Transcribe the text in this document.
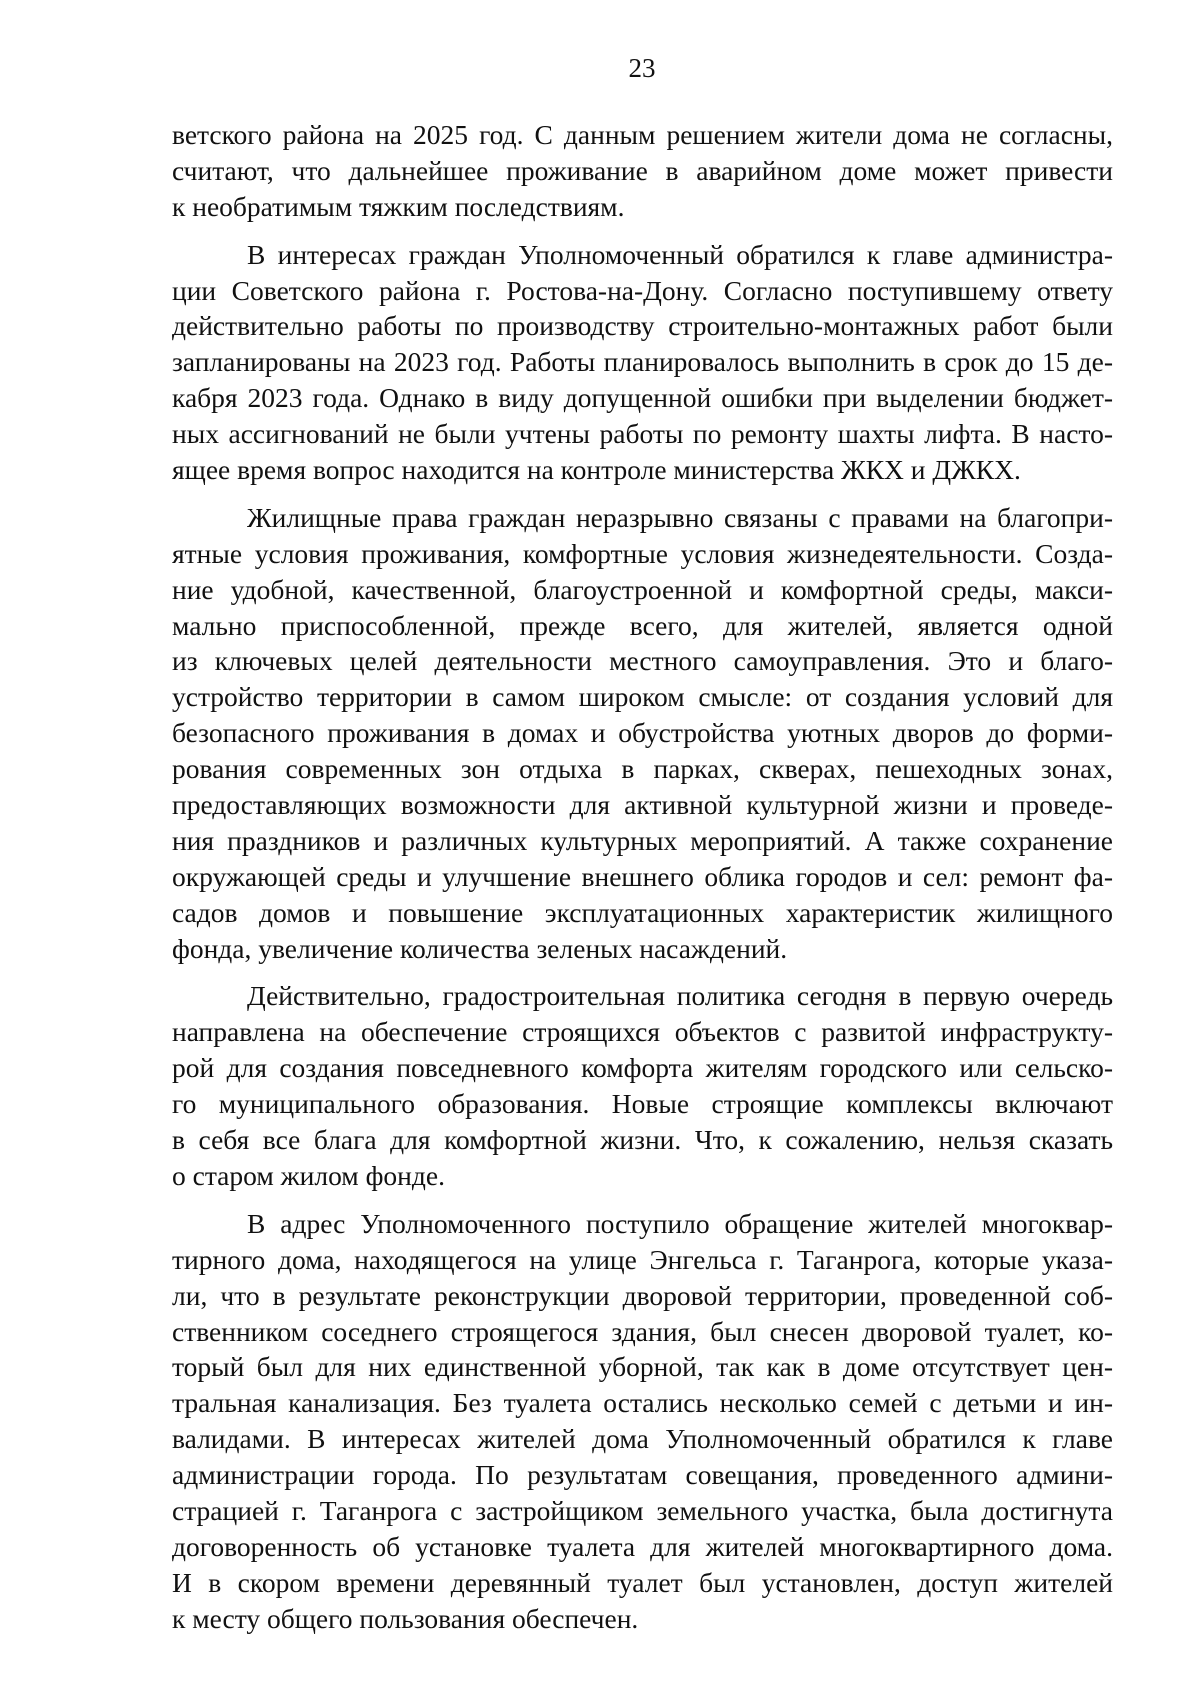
23
ветского района на 2025 год. С данным решением жители дома не согласны,
считают, что дальнейшее проживание в аварийном доме может привести
к необратимым тяжким последствиям.
В интересах граждан Уполномоченный обратился к главе администра-
ции Советского района г. Ростова-на-Дону. Согласно поступившему ответу
действительно работы по производству строительно-монтажных работ были
запланированы на 2023 год. Работы планировалось выполнить в срок до 15 де-
кабря 2023 года. Однако в виду допущенной ошибки при выделении бюджет-
ных ассигнований не были учтены работы по ремонту шахты лифта. В насто-
ящее время вопрос находится на контроле министерства ЖКХ и ДЖКХ.
Жилищные права граждан неразрывно связаны с правами на благопри-
ятные условия проживания, комфортные условия жизнедеятельности. Созда-
ние удобной, качественной, благоустроенной и комфортной среды, макси-
мально приспособленной, прежде всего, для жителей, является одной
из ключевых целей деятельности местного самоуправления. Это и благо-
устройство территории в самом широком смысле: от создания условий для
безопасного проживания в домах и обустройства уютных дворов до форми-
рования современных зон отдыха в парках, скверах, пешеходных зонах,
предоставляющих возможности для активной культурной жизни и проведе-
ния праздников и различных культурных мероприятий. А также сохранение
окружающей среды и улучшение внешнего облика городов и сел: ремонт фа-
садов домов и повышение эксплуатационных характеристик жилищного
фонда, увеличение количества зеленых насаждений.
Действительно, градостроительная политика сегодня в первую очередь
направлена на обеспечение строящихся объектов с развитой инфраструкту-
рой для создания повседневного комфорта жителям городского или сельско-
го муниципального образования. Новые строящие комплексы включают
в себя все блага для комфортной жизни. Что, к сожалению, нельзя сказать
о старом жилом фонде.
В адрес Уполномоченного поступило обращение жителей многоквар-
тирного дома, находящегося на улице Энгельса г. Таганрога, которые указа-
ли, что в результате реконструкции дворовой территории, проведенной соб-
ственником соседнего строящегося здания, был снесен дворовой туалет, ко-
торый был для них единственной уборной, так как в доме отсутствует цен-
тральная канализация. Без туалета остались несколько семей с детьми и ин-
валидами. В интересах жителей дома Уполномоченный обратился к главе
администрации города. По результатам совещания, проведенного админи-
страцией г. Таганрога с застройщиком земельного участка, была достигнута
договоренность об установке туалета для жителей многоквартирного дома.
И в скором времени деревянный туалет был установлен, доступ жителей
к месту общего пользования обеспечен.
